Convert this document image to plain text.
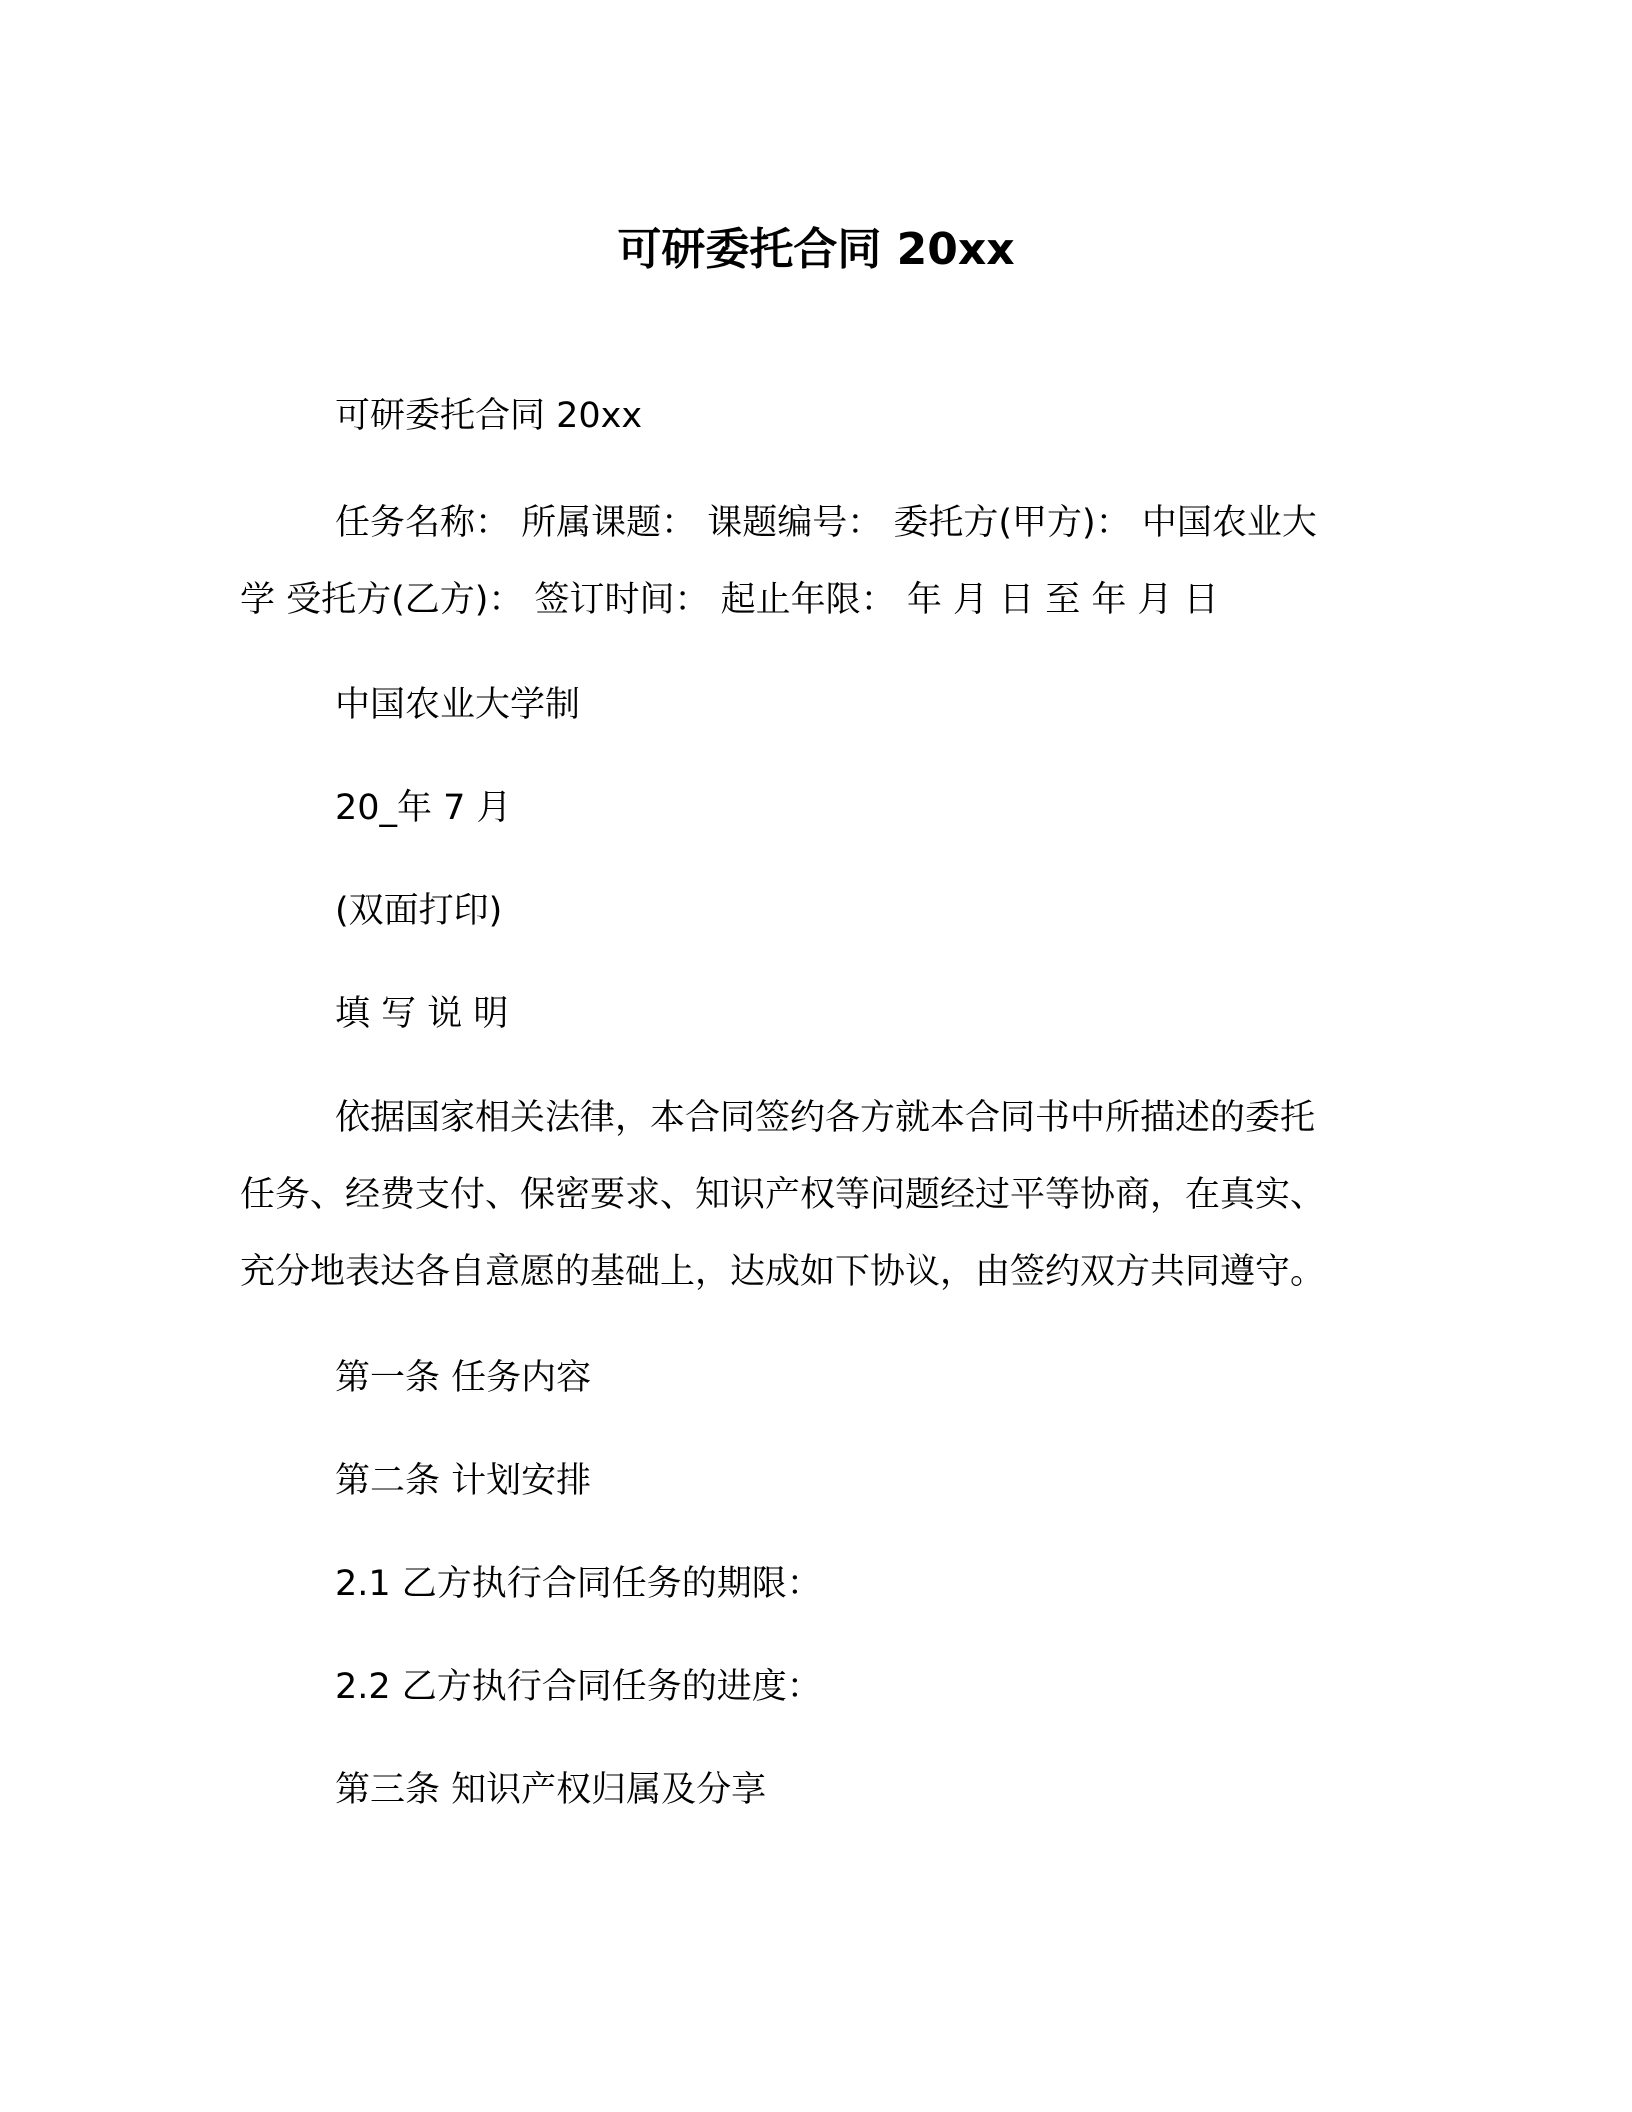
可研委托合同 20xx

可研委托合同 20xx

任务名称： 所属课题： 课题编号： 委托方(甲方)： 中国农业大
学 受托方(乙方)： 签订时间： 起止年限： 年 月 日 至 年 月 日

中国农业大学制

20_年 7 月

(双面打印)

填 写 说 明

依据国家相关法律，本合同签约各方就本合同书中所描述的委托
任务、经费支付、保密要求、知识产权等问题经过平等协商，在真实、
充分地表达各自意愿的基础上，达成如下协议，由签约双方共同遵守。

第一条 任务内容

第二条 计划安排

2.1 乙方执行合同任务的期限：

2.2 乙方执行合同任务的进度：

第三条 知识产权归属及分享
